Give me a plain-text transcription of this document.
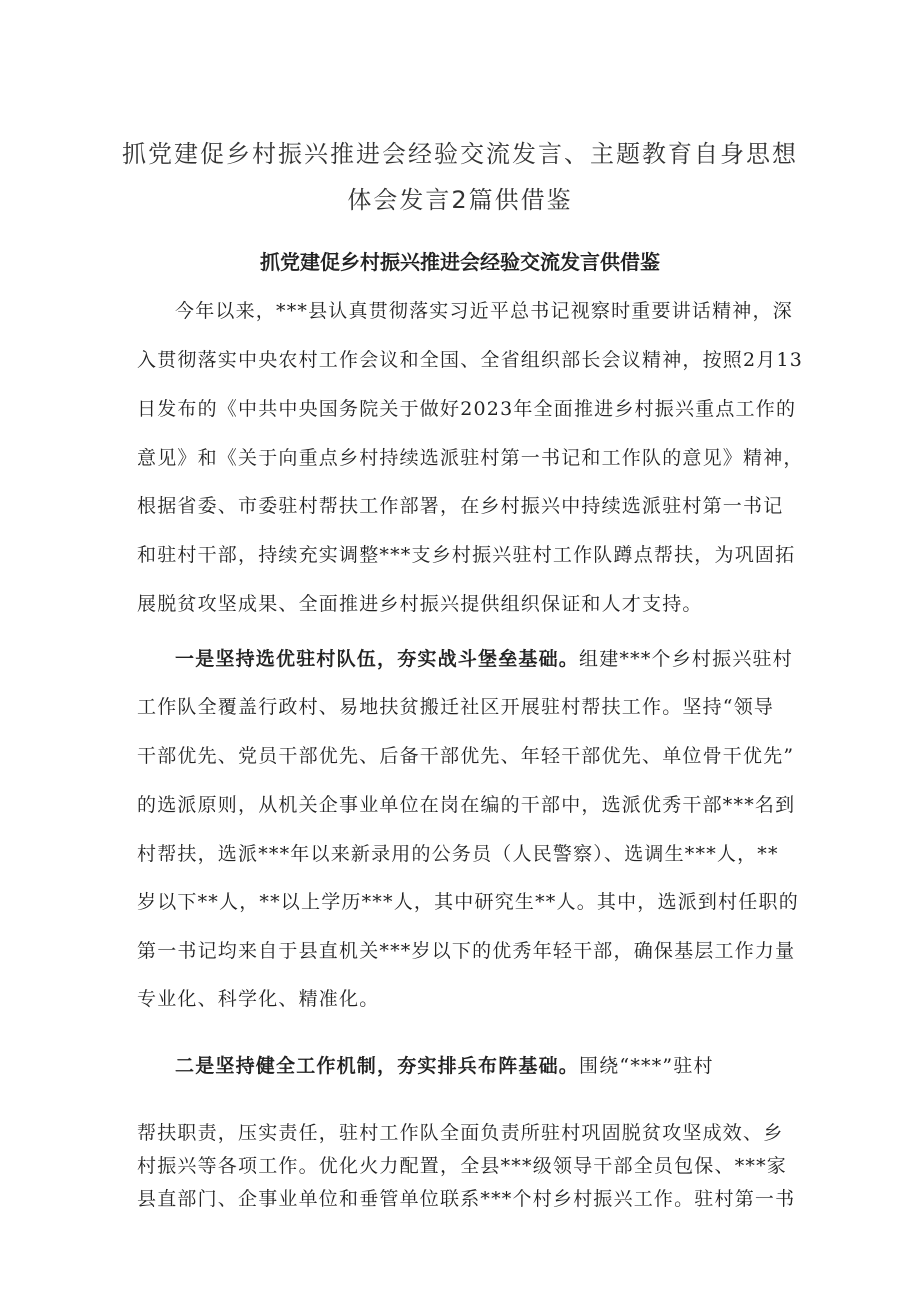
抓党建促乡村振兴推进会经验交流发言、主题教育自身思想
体会发言2篇供借鉴
抓党建促乡村振兴推进会经验交流发言供借鉴
今年以来，***县认真贯彻落实习近平总书记视察时重要讲话精神，深
入贯彻落实中央农村工作会议和全国、全省组织部长会议精神，按照2月13
日发布的《中共中央国务院关于做好2023年全面推进乡村振兴重点工作的
意见》和《关于向重点乡村持续选派驻村第一书记和工作队的意见》精神，
根据省委、市委驻村帮扶工作部署，在乡村振兴中持续选派驻村第一书记
和驻村干部，持续充实调整***支乡村振兴驻村工作队蹲点帮扶，为巩固拓
展脱贫攻坚成果、全面推进乡村振兴提供组织保证和人才支持。
一是坚持选优驻村队伍，夯实战斗堡垒基础。组建***个乡村振兴驻村
工作队全覆盖行政村、易地扶贫搬迁社区开展驻村帮扶工作。坚持“领导
干部优先、党员干部优先、后备干部优先、年轻干部优先、单位骨干优先”
的选派原则，从机关企事业单位在岗在编的干部中，选派优秀干部***名到
村帮扶，选派***年以来新录用的公务员（人民警察）、选调生***人，**
岁以下**人，**以上学历***人，其中研究生**人。其中，选派到村任职的
第一书记均来自于县直机关***岁以下的优秀年轻干部，确保基层工作力量
专业化、科学化、精准化。
二是坚持健全工作机制，夯实排兵布阵基础。围绕“***”驻村
帮扶职责，压实责任，驻村工作队全面负责所驻村巩固脱贫攻坚成效、乡
村振兴等各项工作。优化火力配置，全县***级领导干部全员包保、***家
县直部门、企事业单位和垂管单位联系***个村乡村振兴工作。驻村第一书
